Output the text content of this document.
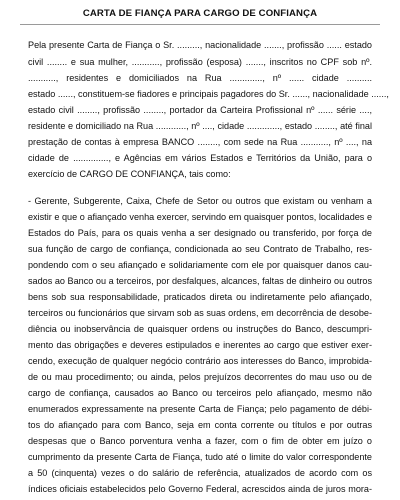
CARTA DE FIANÇA PARA CARGO DE CONFIANÇA
Pela presente Carta de Fiança o Sr. ........., nacionalidade ......., profissão ...... estado
civil ........ e sua mulher, ..........., profissão (esposa) ......., inscritos no CPF sob nº.
..........., residentes e domiciliados na Rua ............., nº ...... cidade ..........
estado ......, constituem-se fiadores e principais pagadores do Sr. ......, nacionalidade ......,
estado civil ........, profissão ........, portador da Carteira Profissional nº ...... série ....,
residente e domiciliado na Rua ............, nº ...., cidade ............., estado ........, até final
prestação de contas à empresa BANCO ........, com sede na Rua ..........., nº ...., na
cidade de .............., e Agências em vários Estados e Territórios da União, para o
exercício de CARGO DE CONFIANÇA, tais como:
- Gerente, Subgerente, Caixa, Chefe de Setor ou outros que existam ou venham a
existir e que o afiançado venha exercer, servindo em quaisquer pontos, localidades e
Estados do País, para os quais venha a ser designado ou transferido, por força de
sua função de cargo de confiança, condicionada ao seu Contrato de Trabalho, res-
pondendo com o seu afiançado e solidariamente com ele por quaisquer danos cau-
sados ao Banco ou a terceiros, por desfalques, alcances, faltas de dinheiro ou outros
bens sob sua responsabilidade, praticados direta ou indiretamente pelo afiançado,
terceiros ou funcionários que sirvam sob as suas ordens, em decorrência de desobe-
diência ou inobservância de quaisquer ordens ou instruções do Banco, descumpri-
mento das obrigações e deveres estipulados e inerentes ao cargo que estiver exer-
cendo, execução de qualquer negócio contrário aos interesses do Banco, improbida-
de ou mau procedimento; ou ainda, pelos prejuízos decorrentes do mau uso ou de
cargo de confiança, causados ao Banco ou terceiros pelo afiançado, mesmo não
enumerados expressamente na presente Carta de Fiança; pelo pagamento de débi-
tos do afiançado para com Banco, seja em conta corrente ou títulos e por outras
despesas que o Banco porventura venha a fazer, com o fim de obter em juízo o
cumprimento da presente Carta de Fiança, tudo até o limite do valor correspondente
a 50 (cinquenta) vezes o do salário de referência, atualizados de acordo com os
índices oficiais estabelecidos pelo Governo Federal, acrescidos ainda de juros mora-
